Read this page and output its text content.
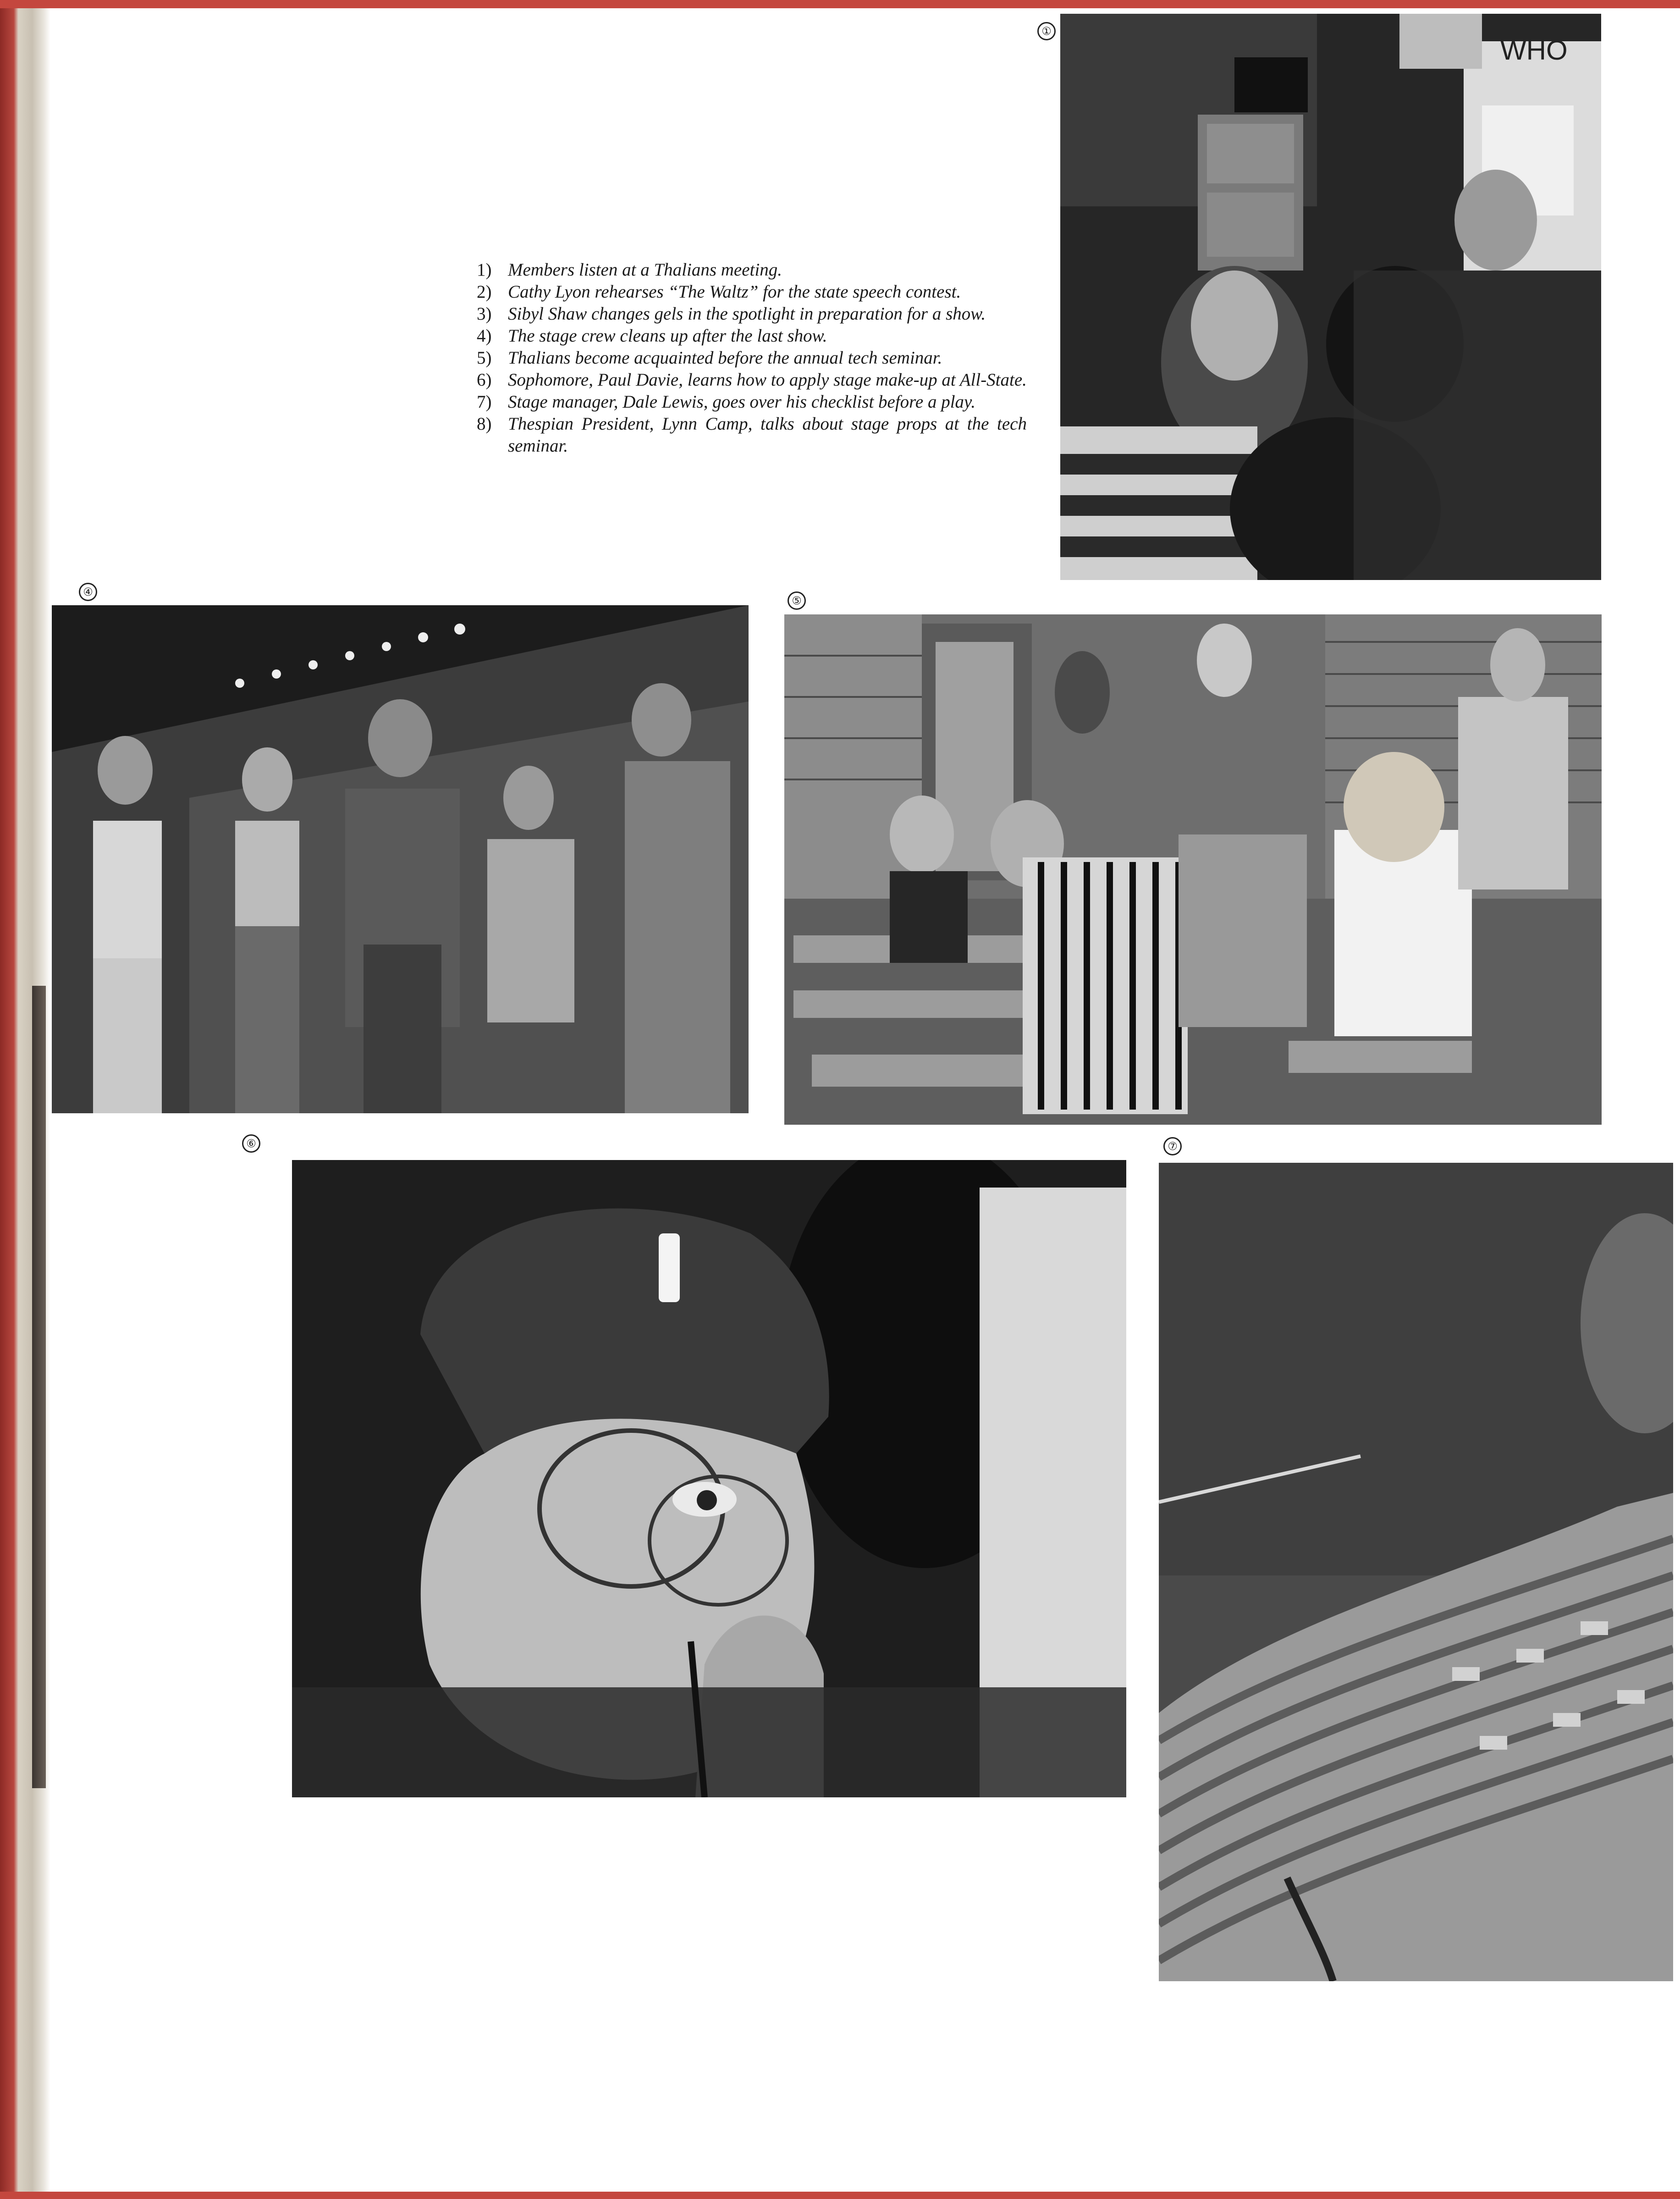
①
WHO
1) Members listen at a Thalians meeting.
2) Cathy Lyon rehearses “The Waltz” for the state speech contest.
3) Sibyl Shaw changes gels in the spotlight in preparation for a show.
4) The stage crew cleans up after the last show.
5) Thalians become acquainted before the annual tech seminar.
6) Sophomore, Paul Davie, learns how to apply stage make-up at All-State.
7) Stage manager, Dale Lewis, goes over his checklist before a play.
8) Thespian President, Lynn Camp, talks about stage props at the tech seminar.
④
⑤
⑥	⑦
